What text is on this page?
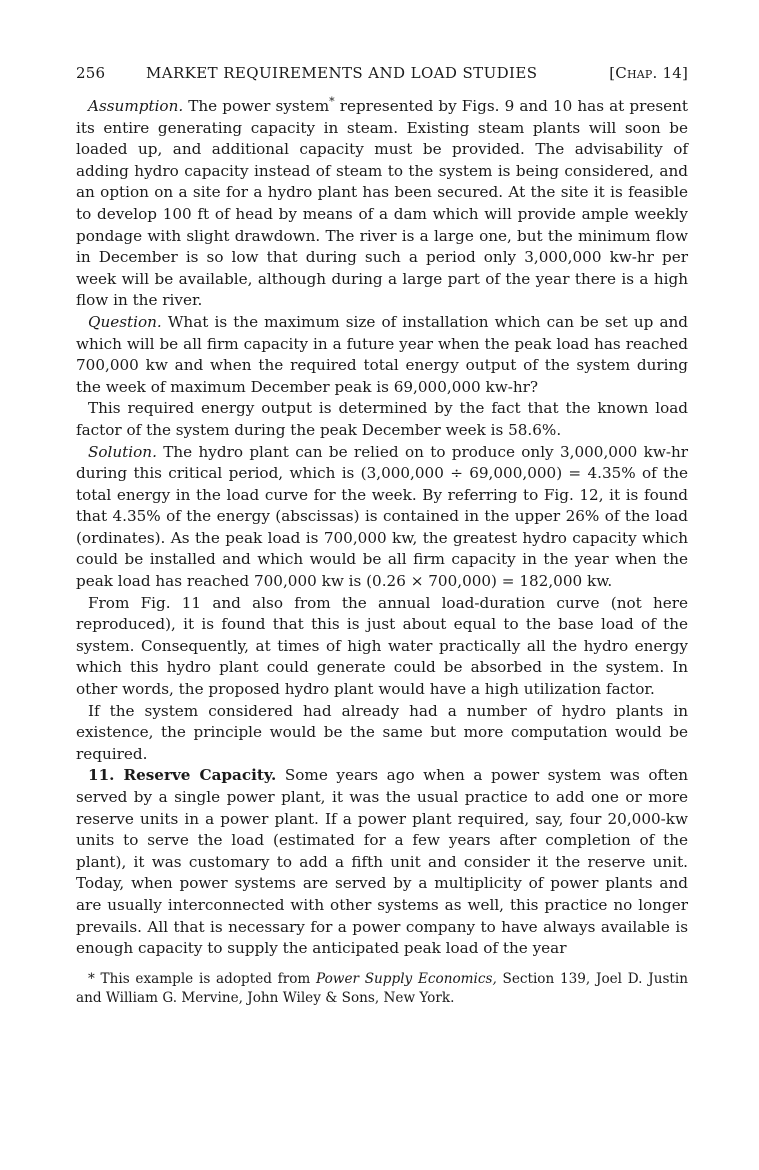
256	MARKET REQUIREMENTS AND LOAD STUDIES	[Chap. 14]

Assumption. The power system* represented by Figs. 9 and 10 has at present its entire generating capacity in steam. Existing steam plants will soon be loaded up, and additional capacity must be provided. The advisability of adding hydro capacity instead of steam to the system is being considered, and an option on a site for a hydro plant has been secured. At the site it is feasible to develop 100 ft of head by means of a dam which will provide ample weekly pondage with slight drawdown. The river is a large one, but the minimum flow in December is so low that during such a period only 3,000,000 kw-hr per week will be available, although during a large part of the year there is a high flow in the river.

Question. What is the maximum size of installation which can be set up and which will be all firm capacity in a future year when the peak load has reached 700,000 kw and when the required total energy output of the system during the week of maximum December peak is 69,000,000 kw-hr?

This required energy output is determined by the fact that the known load factor of the system during the peak December week is 58.6%.

Solution. The hydro plant can be relied on to produce only 3,000,000 kw-hr during this critical period, which is (3,000,000 ÷ 69,000,000) = 4.35% of the total energy in the load curve for the week. By referring to Fig. 12, it is found that 4.35% of the energy (abscissas) is contained in the upper 26% of the load (ordinates). As the peak load is 700,000 kw, the greatest hydro capacity which could be installed and which would be all firm capacity in the year when the peak load has reached 700,000 kw is (0.26 × 700,000) = 182,000 kw.

From Fig. 11 and also from the annual load-duration curve (not here reproduced), it is found that this is just about equal to the base load of the system. Consequently, at times of high water practically all the hydro energy which this hydro plant could generate could be absorbed in the system. In other words, the proposed hydro plant would have a high utilization factor.

If the system considered had already had a number of hydro plants in existence, the principle would be the same but more computation would be required.

11. Reserve Capacity. Some years ago when a power system was often served by a single power plant, it was the usual practice to add one or more reserve units in a power plant. If a power plant required, say, four 20,000-kw units to serve the load (estimated for a few years after completion of the plant), it was customary to add a fifth unit and consider it the reserve unit. Today, when power systems are served by a multiplicity of power plants and are usually interconnected with other systems as well, this practice no longer prevails. All that is necessary for a power company to have always available is enough capacity to supply the anticipated peak load of the year

* This example is adopted from Power Supply Economics, Section 139, Joel D. Justin and William G. Mervine, John Wiley & Sons, New York.
